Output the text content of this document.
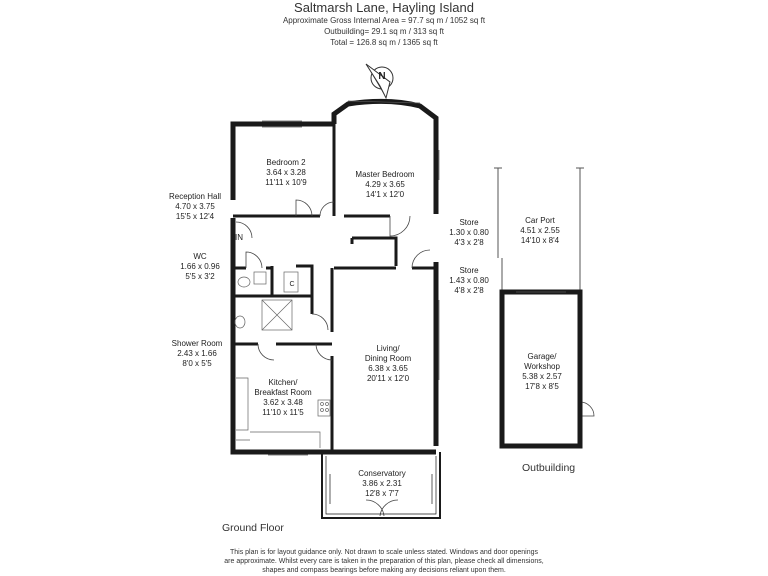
Saltmarsh Lane, Hayling Island
Approximate Gross Internal Area = 97.7 sq m / 1052 sq ft
Outbuilding= 29.1 sq m / 313 sq ft
Total = 126.8 sq m / 1365 sq ft
Bedroom 2
3.64 x 3.28
11'11 x 10'9
Master Bedroom
4.29 x 3.65
14'1 x 12'0
Reception Hall
4.70 x 3.75
15'5 x 12'4
IN
WC
1.66 x 0.96
5'5 x 3'2
C
Shower Room
2.43 x 1.66
8'0 x 5'5
Kitchen/
Breakfast Room
3.62 x 3.48
11'10 x 11'5
Living/
Dining Room
6.38 x 3.65
20'11 x 12'0
Conservatory
3.86 x 2.31
12'8 x 7'7
Store
1.30 x 0.80
4'3 x 2'8
Store
1.43 x 0.80
4'8 x 2'8
Car Port
4.51 x 2.55
14'10 x 8'4
Garage/
Workshop
5.38 x 2.57
17'8 x 8'5
Ground Floor
Outbuilding
N
This plan is for layout guidance only. Not drawn to scale unless stated. Windows and door openings
are approximate. Whilst every care is taken in the preparation of this plan, please check all dimensions,
shapes and compass bearings before making any decisions reliant upon them.
